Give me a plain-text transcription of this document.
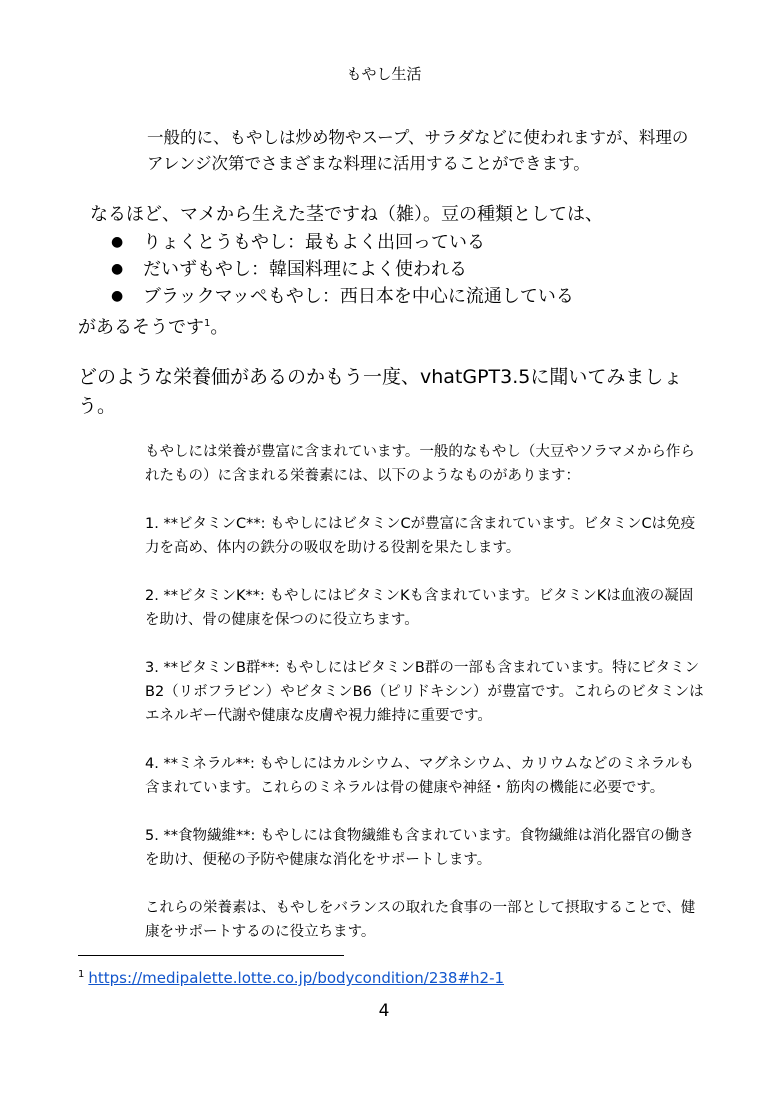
もやし生活
一般的に、もやしは炒め物やスープ、サラダなどに使われますが、料理の
アレンジ次第でさまざまな料理に活用することができます。

なるほど、マメから生えた茎ですね（雑）。豆の種類としては、

● りょくとうもやし：最もよく出回っている
● だいずもやし：韓国料理によく使われる
● ブラックマッペもやし：西日本を中心に流通している

があるそうです$^1$。

どのような栄養価があるのかもう一度、vhatGPT3.5に聞いてみましょう。

もやしには栄養が豊富に含まれています。一般的なもやし（大豆やソラマメから作られたもの）に含まれる栄養素には、以下のようなものがあります：

1. **ビタミンC**: もやしにはビタミンCが豊富に含まれています。ビタミンCは免疫力を高め、体内の鉄分の吸収を助ける役割を果たします。

2. **ビタミンK**: もやしにはビタミンKも含まれています。ビタミンKは血液の凝固を助け、骨の健康を保つのに役立ちます。

3. **ビタミンB群**: もやしにはビタミンB群の一部も含まれています。特にビタミンB2（リボフラビン）やビタミンB6（ピリドキシン）が豊富です。これらのビタミンはエネルギー代謝や健康な皮膚や視力維持に重要です。

4. **ミネラル**: もやしにはカルシウム、マグネシウム、カリウムなどのミネラルも含まれています。これらのミネラルは骨の健康や神経・筋肉の機能に必要です。

5. **食物繊維**: もやしには食物繊維も含まれています。食物繊維は消化器官の働きを助け、便秘の予防や健康な消化をサポートします。

これらの栄養素は、もやしをバランスの取れた食事の一部として摂取することで、健康をサポートするのに役立ちます。

$^1$ https://medipalette.lotte.co.jp/bodycondition/238#h2-1
4
